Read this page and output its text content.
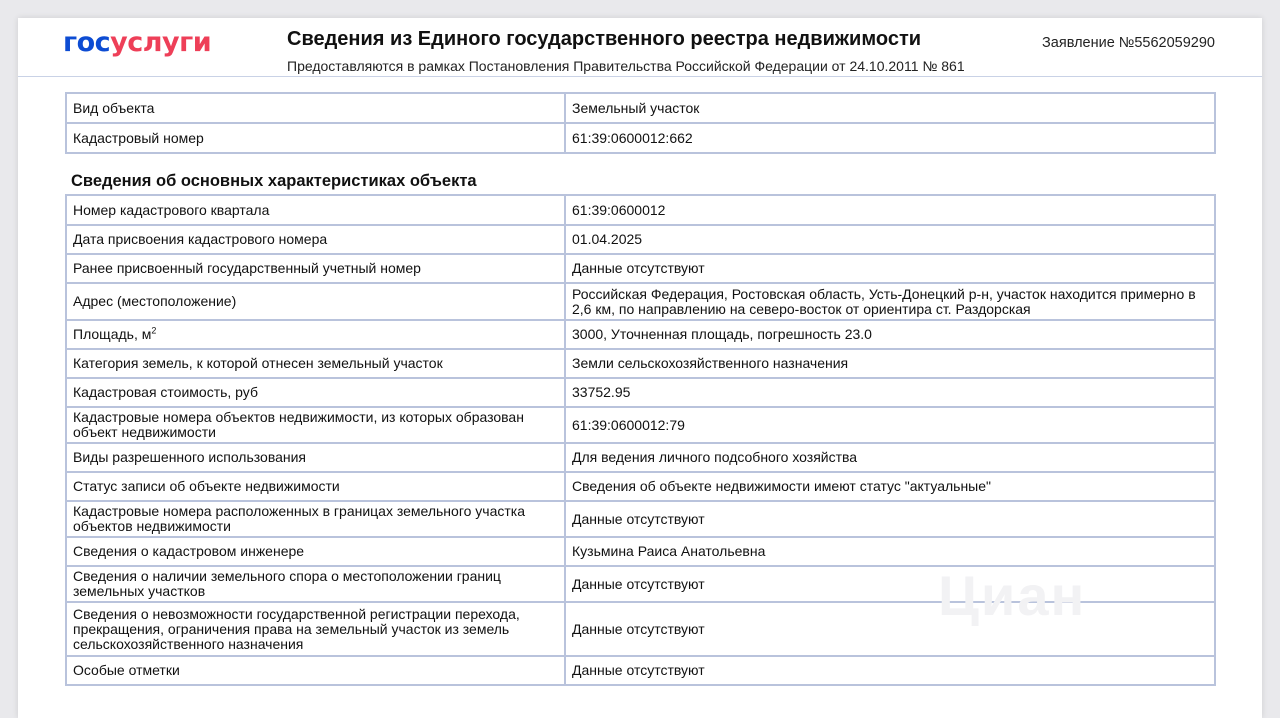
госуслуги	Сведения из Единого государственного реестра недвижимости
Предоставляются в рамках Постановления Правительства Российской Федерации от 24.10.2011 № 861
Заявление №5562059290
Вид объекта	Земельный участок
Кадастровый номер	61:39:0600012:662
Сведения об основных характеристиках объекта
Номер кадастрового квартала	61:39:0600012
Дата присвоения кадастрового номера	01.04.2025
Ранее присвоенный государственный учетный номер	Данные отсутствуют
Адрес (местоположение)	Российская Федерация, Ростовская область, Усть-Донецкий р-н, участок находится примерно в 2,6 км, по направлению на северо-восток от ориентира ст. Раздорская
Площадь, $м^2$	3000, Уточненная площадь, погрешность 23.0
Категория земель, к которой отнесен земельный участок	Земли сельскохозяйственного назначения
Кадастровая стоимость, руб	33752.95
Кадастровые номера объектов недвижимости, из которых образован объект недвижимости	61:39:0600012:79
Виды разрешенного использования	Для ведения личного подсобного хозяйства
Статус записи об объекте недвижимости	Сведения об объекте недвижимости имеют статус "актуальные"
Кадастровые номера расположенных в границах земельного участка объектов недвижимости	Данные отсутствуют
Сведения о кадастровом инженере	Кузьмина Раиса Анатольевна
Сведения о наличии земельного спора о местоположении границ земельных участков	Данные отсутствуют
Сведения о невозможности государственной регистрации перехода, прекращения, ограничения права на земельный участок из земель сельскохозяйственного назначения	Данные отсутствуют
Особые отметки	Данные отсутствуют
Циан
